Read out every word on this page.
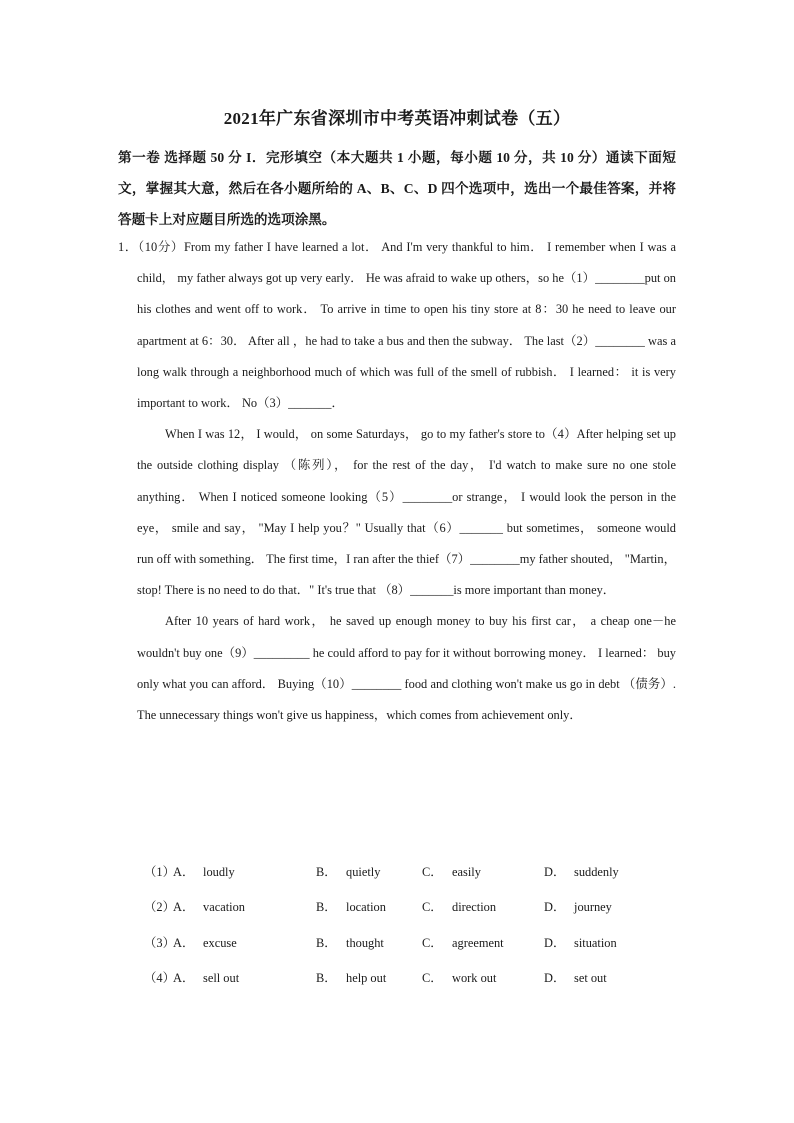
2021年广东省深圳市中考英语冲刺试卷（五）
第一卷 选择题 50 分 I．完形填空（本大题共 1 小题，每小题 10 分，共 10 分）通读下面短文，掌握其大意，然后在各小题所给的 A、B、C、D 四个选项中，选出一个最佳答案，并将答题卡上对应题目所选的选项涂黑。

1．（10分）From my father I have learned a lot． And I'm very thankful to him． I remember when I was a child， my father always got up very early． He was afraid to wake up others，so he（1）________put on his clothes and went off to work． To arrive in time to open his tiny store at 8：30 he need to leave our apartment at 6：30． After all ，he had to take a bus and then the subway． The last（2）________ was a long walk through a neighborhood much of which was full of the smell of rubbish． I learned： it is very important to work． No（3）_______．

When I was 12， I would， on some Saturdays， go to my father's store to（4）After helping set up the outside clothing display （陈列）， for the rest of the day， I'd watch to make sure no one stole anything． When I noticed someone looking（5）________or strange， I would look the person in the eye， smile and say， "May I help you？" Usually that（6）_______ but sometimes， someone would run off with something． The first time，I ran after the thief（7）________my father shouted， "Martin， stop! There is no need to do that．" It's true that （8）_______is more important than money．

After 10 years of hard work， he saved up enough money to buy his first car， a cheap one－he wouldn't buy one（9）_________ he could afford to pay for it without borrowing money． I learned： buy only what you can afford． Buying（10）________ food and clothing won't make us go in debt （债务）. The unnecessary things won't give us happiness，which comes from achievement only．

（1）
A． loudly	B． quietly	C． easily	D． suddenly
（2）
A． vacation	B． location	C． direction	D． journey
（3）
A． excuse	B． thought	C． agreement	D． situation
（4）
A． sell out	B． help out	C． work out	D． set out
